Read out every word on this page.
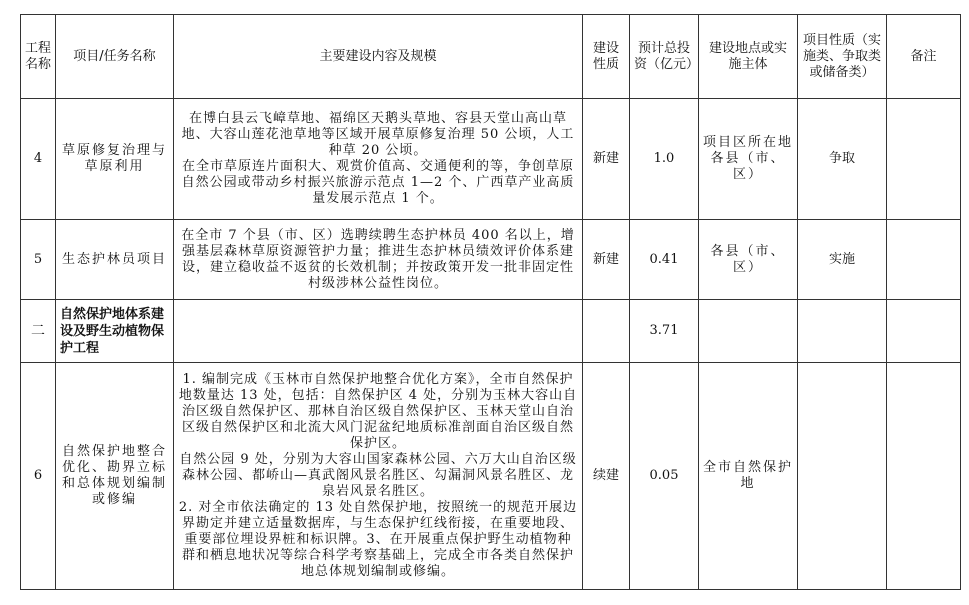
工程名称	项目/任务名称	主要建设内容及规模	建设性质	预计总投资（亿元）	建设地点或实施主体	项目性质（实施类、争取类或储备类）	备注
4	草原修复治理与草原利用	在博白县云飞嶂草地、福绵区天鹅头草地、容县天堂山高山草地、大容山莲花池草地等区域开展草原修复治理 50 公顷，人工种草 20 公顷。

在全市草原连片面积大、观赏价值高、交通便利的等，争创草原自然公园或带动乡村振兴旅游示范点 1—2 个、广西草产业高质量发展示范点 1 个。	新建	1.0	项目区所在地各县（市、区）	争取	
5	生态护林员项目	在全市 7 个县（市、区）选聘续聘生态护林员 400 名以上，增强基层森林草原资源管护力量；推进生态护林员绩效评价体系建设，建立稳收益不返贫的长效机制；并按政策开发一批非固定性村级涉林公益性岗位。	新建	0.41	各县（市、区）	实施	
二	自然保护地体系建设及野生动植物保护工程			3.71			
6	自然保护地整合优化、勘界立标和总体规划编制或修编	1. 编制完成《玉林市自然保护地整合优化方案》，全市自然保护地数量达 13 处，包括：自然保护区 4 处，分别为玉林大容山自治区级自然保护区、那林自治区级自然保护区、玉林天堂山自治区级自然保护区和北流大风门泥盆纪地质标准剖面自治区级自然保护区。

自然公园 9 处，分别为大容山国家森林公园、六万大山自治区级森林公园、都峤山—真武阁风景名胜区、勾漏洞风景名胜区、龙泉岩风景名胜区。

2. 对全市依法确定的 13 处自然保护地，按照统一的规范开展边界勘定并建立适量数据库，与生态保护红线衔接，在重要地段、重要部位埋设界桩和标识牌。3、在开展重点保护野生动植物种群和栖息地状况等综合科学考察基础上，完成全市各类自然保护地总体规划编制或修编。	续建	0.05	全市自然保护地		
